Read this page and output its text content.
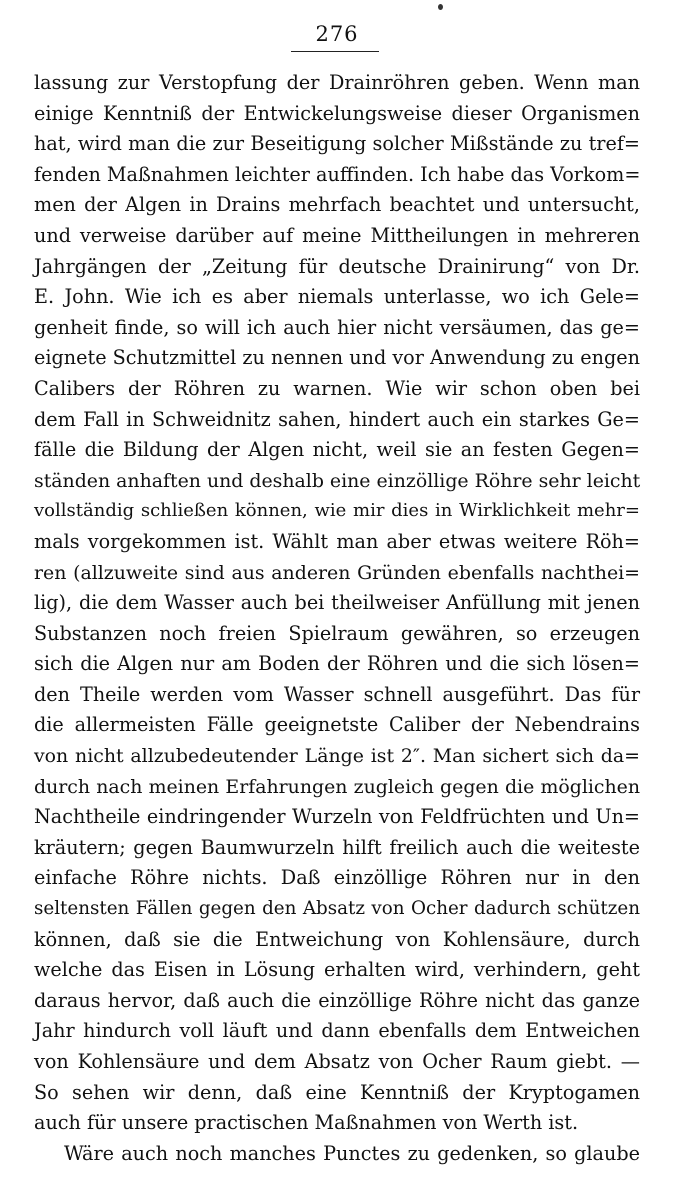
276
lassung zur Verstopfung der Drainröhren geben. Wenn man
einige Kenntniß der Entwickelungsweise dieser Organismen
hat, wird man die zur Beseitigung solcher Mißstände zu tref=
fenden Maßnahmen leichter auffinden. Ich habe das Vorkom=
men der Algen in Drains mehrfach beachtet und untersucht,
und verweise darüber auf meine Mittheilungen in mehreren
Jahrgängen der „Zeitung für deutsche Drainirung“ von Dr.
E. John. Wie ich es aber niemals unterlasse, wo ich Gele=
genheit finde, so will ich auch hier nicht versäumen, das ge=
eignete Schutzmittel zu nennen und vor Anwendung zu engen
Calibers der Röhren zu warnen. Wie wir schon oben bei
dem Fall in Schweidnitz sahen, hindert auch ein starkes Ge=
fälle die Bildung der Algen nicht, weil sie an festen Gegen=
ständen anhaften und deshalb eine einzöllige Röhre sehr leicht
vollständig schließen können, wie mir dies in Wirklichkeit mehr=
mals vorgekommen ist. Wählt man aber etwas weitere Röh=
ren (allzuweite sind aus anderen Gründen ebenfalls nachthei=
lig), die dem Wasser auch bei theilweiser Anfüllung mit jenen
Substanzen noch freien Spielraum gewähren, so erzeugen
sich die Algen nur am Boden der Röhren und die sich lösen=
den Theile werden vom Wasser schnell ausgeführt. Das für
die allermeisten Fälle geeignetste Caliber der Nebendrains
von nicht allzubedeutender Länge ist 2″. Man sichert sich da=
durch nach meinen Erfahrungen zugleich gegen die möglichen
Nachtheile eindringender Wurzeln von Feldfrüchten und Un=
kräutern; gegen Baumwurzeln hilft freilich auch die weiteste
einfache Röhre nichts. Daß einzöllige Röhren nur in den
seltensten Fällen gegen den Absatz von Ocher dadurch schützen
können, daß sie die Entweichung von Kohlensäure, durch
welche das Eisen in Lösung erhalten wird, verhindern, geht
daraus hervor, daß auch die einzöllige Röhre nicht das ganze
Jahr hindurch voll läuft und dann ebenfalls dem Entweichen
von Kohlensäure und dem Absatz von Ocher Raum giebt. —
So sehen wir denn, daß eine Kenntniß der Kryptogamen
auch für unsere practischen Maßnahmen von Werth ist.
Wäre auch noch manches Punctes zu gedenken, so glaube
